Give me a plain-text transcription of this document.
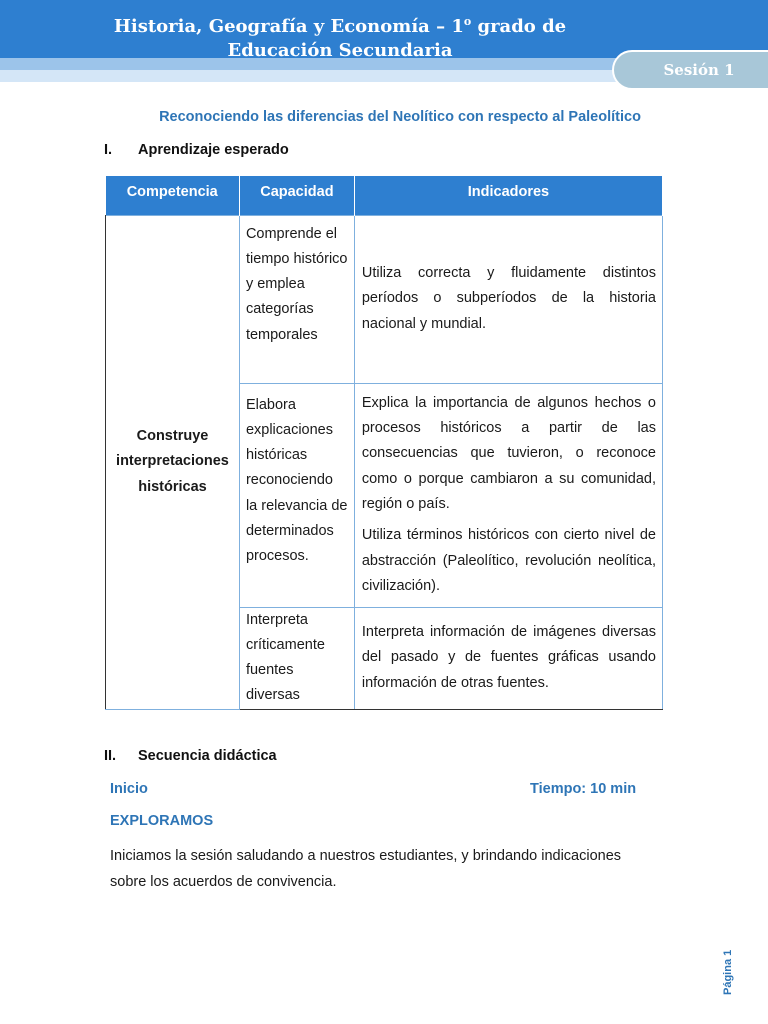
Historia, Geografía y Economía – 1$^o$ grado de
Educación Secundaria
Sesión 1
Reconociendo las diferencias del Neolítico con respecto al Paleolítico
I. Aprendizaje esperado
Competencia	Capacidad	Indicadores
Construye interpretaciones históricas	Comprende el tiempo histórico y emplea categorías temporales	Utiliza correcta y fluidamente distintos períodos o subperíodos de la historia nacional y mundial.

	Elabora explicaciones históricas reconociendo la relevancia de determinados procesos.	Explica la importancia de algunos hechos o procesos históricos a partir de las consecuencias que tuvieron, o reconoce como o porque cambiaron a su comunidad, región o país.

Utiliza términos históricos con cierto nivel de abstracción (Paleolítico, revolución neolítica, civilización).

	Interpreta críticamente fuentes diversas	Interpreta información de imágenes diversas del pasado y de fuentes gráficas usando información de otras fuentes.

II. Secuencia didáctica
Inicio	Tiempo: 10 min
EXPLORAMOS
Iniciamos la sesión saludando a nuestros estudiantes, y brindando indicaciones sobre los acuerdos de convivencia.
Página 1
